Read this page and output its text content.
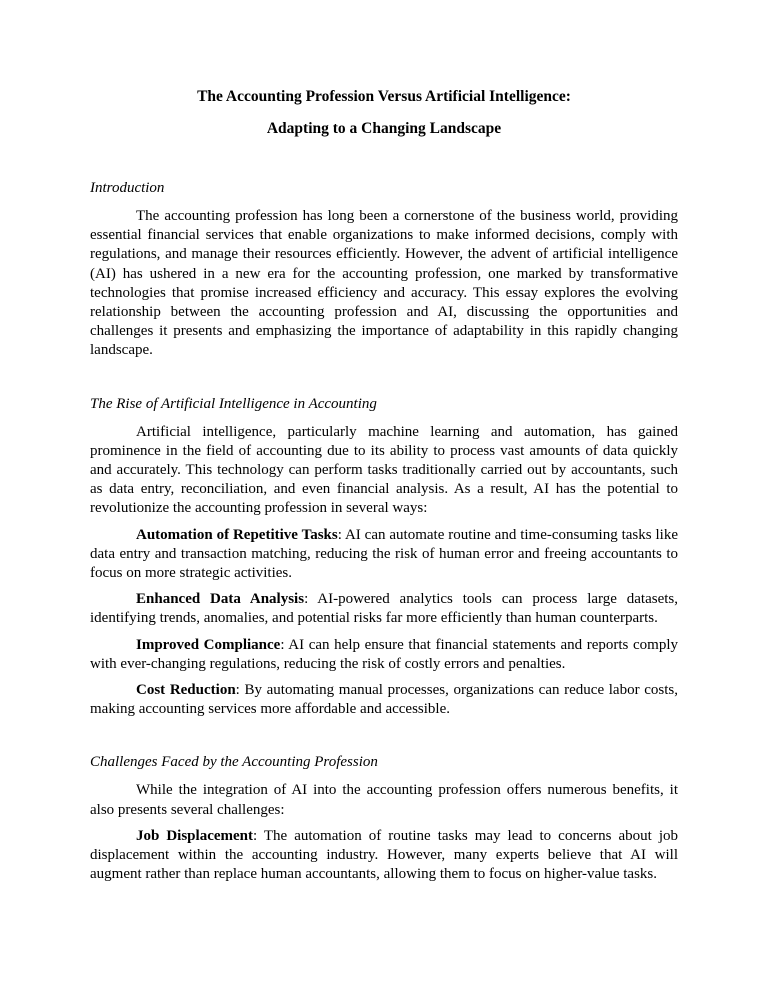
The Accounting Profession Versus Artificial Intelligence:
Adapting to a Changing Landscape
Introduction

The accounting profession has long been a cornerstone of the business world, providing essential financial services that enable organizations to make informed decisions, comply with regulations, and manage their resources efficiently. However, the advent of artificial intelligence (AI) has ushered in a new era for the accounting profession, one marked by transformative technologies that promise increased efficiency and accuracy. This essay explores the evolving relationship between the accounting profession and AI, discussing the opportunities and challenges it presents and emphasizing the importance of adaptability in this rapidly changing landscape.

The Rise of Artificial Intelligence in Accounting

Artificial intelligence, particularly machine learning and automation, has gained prominence in the field of accounting due to its ability to process vast amounts of data quickly and accurately. This technology can perform tasks traditionally carried out by accountants, such as data entry, reconciliation, and even financial analysis. As a result, AI has the potential to revolutionize the accounting profession in several ways:

Automation of Repetitive Tasks: AI can automate routine and time-consuming tasks like data entry and transaction matching, reducing the risk of human error and freeing accountants to focus on more strategic activities.

Enhanced Data Analysis: AI-powered analytics tools can process large datasets, identifying trends, anomalies, and potential risks far more efficiently than human counterparts.

Improved Compliance: AI can help ensure that financial statements and reports comply with ever-changing regulations, reducing the risk of costly errors and penalties.

Cost Reduction: By automating manual processes, organizations can reduce labor costs, making accounting services more affordable and accessible.

Challenges Faced by the Accounting Profession

While the integration of AI into the accounting profession offers numerous benefits, it also presents several challenges:

Job Displacement: The automation of routine tasks may lead to concerns about job displacement within the accounting industry. However, many experts believe that AI will augment rather than replace human accountants, allowing them to focus on higher-value tasks.
